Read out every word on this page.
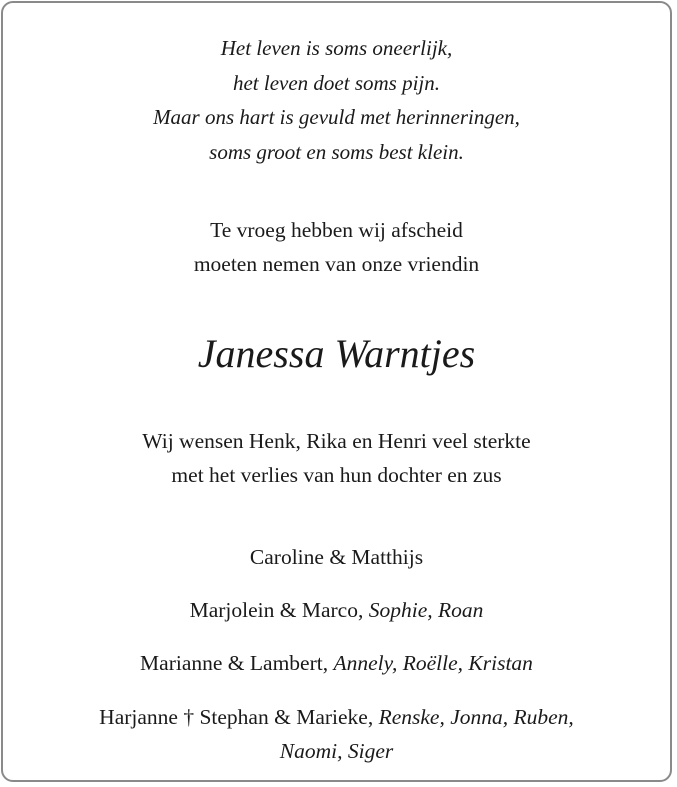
Het leven is soms oneerlijk,
het leven doet soms pijn.
Maar ons hart is gevuld met herinneringen,
soms groot en soms best klein.
Te vroeg hebben wij afscheid
moeten nemen van onze vriendin
Janessa Warntjes
Wij wensen Henk, Rika en Henri veel sterkte
met het verlies van hun dochter en zus
Caroline & Matthijs
Marjolein & Marco, Sophie, Roan
Marianne & Lambert, Annely, Roëlle, Kristan
Harjanne † Stephan & Marieke, Renske, Jonna, Ruben,
Naomi, Siger
